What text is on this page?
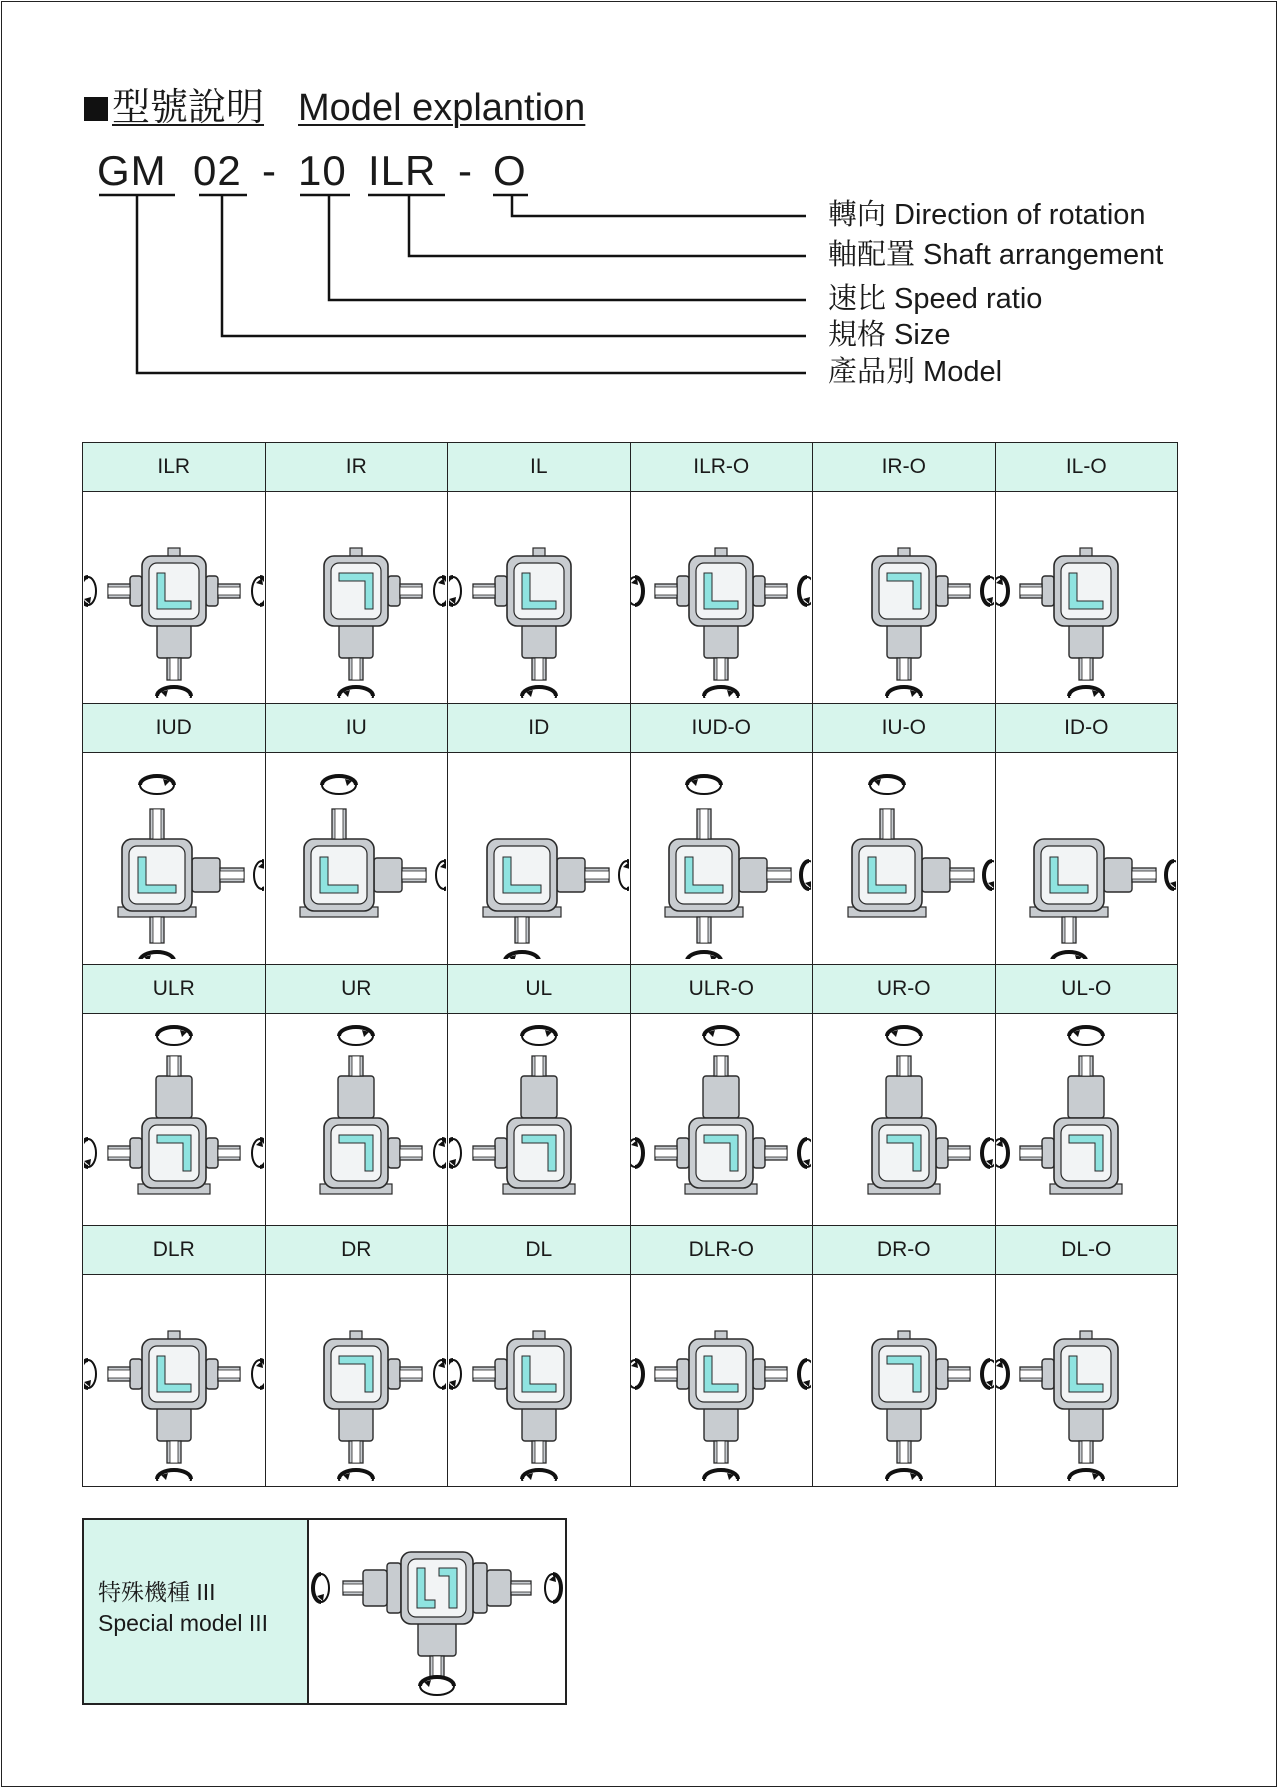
型號說明 Model explantion
GM 02 - 10 ILR - O
轉向 Direction of rotation
軸配置 Shaft arrangement
速比 Speed ratio
規格 Size
產品別 Model
ILR	IR	IL	ILR-O	IR-O	IL-O

IUD	IU	ID	IUD-O	IU-O	ID-O

ULR	UR	UL	ULR-O	UR-O	UL-O

DLR	DR	DL	DLR-O	DR-O	DL-O

特殊機種 III
Special model III
